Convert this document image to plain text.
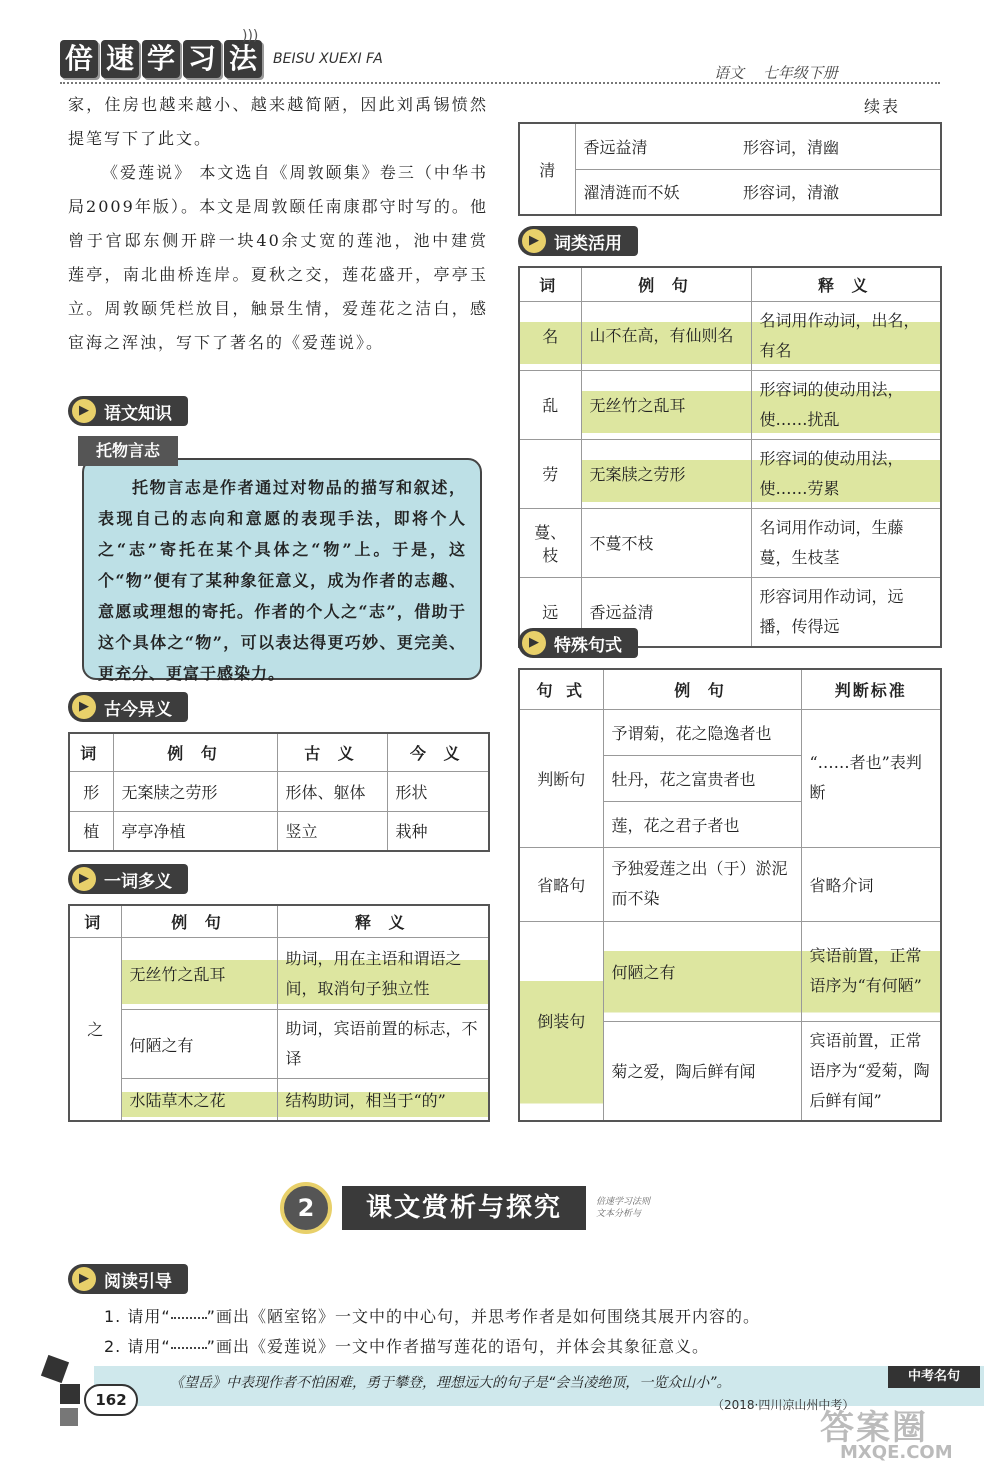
倍 速 学 习 法	BEISU XUEXI FA
)))
语文 七年级下册
家，住房也越来越小、越来越简陋，因此刘禹锡愤然提笔写下了此文。
《爱莲说》 本文选自《周敦颐集》卷三（中华书局2009年版）。本文是周敦颐任南康郡守时写的。他曾于官邸东侧开辟一块40余丈宽的莲池，池中建赏莲亭，南北曲桥连岸。夏秋之交，莲花盛开，亭亭玉立。周敦颐凭栏放目，触景生情，爱莲花之洁白，感宦海之浑浊，写下了著名的《爱莲说》。
▶ 语文知识
托物言志是作者通过对物品的描写和叙述，表现自己的志向和意愿的表现手法，即将个人之“志”寄托在某个具体之“物”上。于是，这个“物”便有了某种象征意义，成为作者的志趣、意愿或理想的寄托。作者的个人之“志”，借助于这个具体之“物”，可以表达得更巧妙、更完美、更充分、更富于感染力。
托物言志
▶ 古今异义
词	例 句	古 义	今 义
形	无案牍之劳形	形体、躯体	形状
植	亭亭净植	竖立	栽种
▶ 一词多义
词	例 句	释 义
之	无丝竹之乱耳	助词，用在主语和谓语之间，取消句子独立性
	何陋之有	助词，宾语前置的标志，不译
	水陆草木之花	结构助词，相当于“的”
续表
清	香远益清	形容词，清幽
	濯清涟而不妖	形容词，清澈
▶ 词类活用
词	例 句	释 义
名	山不在高，有仙则名	名词用作动词，出名，有名
乱	无丝竹之乱耳	形容词的使动用法，使……扰乱
劳	无案牍之劳形	形容词的使动用法，使……劳累
蔓、枝	不蔓不枝	名词用作动词，生藤蔓，生枝茎
远	香远益清	形容词用作动词，远播，传得远
▶ 特殊句式
句 式	例 句	判断标准
判断句	予谓菊，花之隐逸者也	“……者也”表判断
	牡丹，花之富贵者也	
	莲，花之君子者也	
省略句	予独爱莲之出（于）淤泥而不染	省略介词
倒装句	何陋之有	宾语前置，正常语序为“有何陋”
	菊之爱，陶后鲜有闻	宾语前置，正常语序为“爱菊，陶后鲜有闻”
2	课文赏析与探究	倍速学习法则
文本分析与
▶ 阅读引导
1. 请用“ ”画出《陋室铭》一文中的中心句，并思考作者是如何围绕其展开内容的。
2. 请用“ ”画出《爱莲说》一文中作者描写莲花的语句，并体会其象征意义。
《望岳》中表现作者不怕困难，勇于攀登，理想远大的句子是“会当凌绝顶，一览众山小”。
（2018·四川凉山州中考）
中考名句
162
答案圈
MXQE.COM
